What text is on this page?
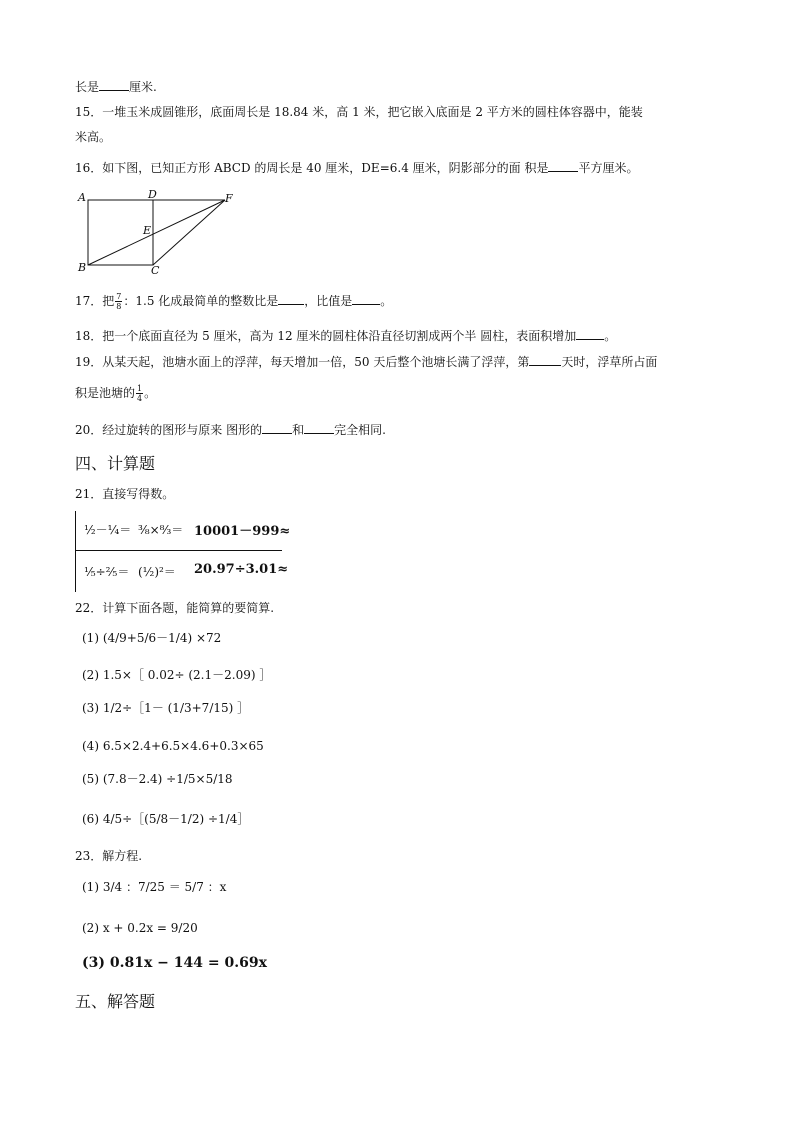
长是	厘米.
15．一堆玉米成圆锥形，底面周长是 18.84 米，高 1 米，把它嵌入底面是 2 平方米的圆柱体容器中，能装
米高。
16．如下图，已知正方形 ABCD 的周长是 40 厘米，DE=6.4 厘米，阴影部分的面 积是	平方厘米。
A	D	F
E
B	C
17．把 $\frac{7}{8}$ ：1.5 化成最简单的整数比是 ，比值是 。
18．把一个底面直径为 5 厘米，高为 12 厘米的圆柱体沿直径切割成两个半 圆柱，表面积增加 。
19．从某天起，池塘水面上的浮萍，每天增加一倍，50 天后整个池塘长满了浮萍，第	天时，浮草所占面
积是池塘的 $\frac{1}{4}$ 。
20．经过旋转的图形与原来 图形的	和	完全相同.
四、计算题
21．直接写得数。
½－¼＝ ⅜×⁸⁄₃＝ 10001－999≈
⅕÷⅖＝ (½)²＝ 20.97÷3.01≈
22．计算下面各题，能简算的要简算.
(1) (4/9+5/6－1/4) ×72
(2) 1.5×［ 0.02÷ (2.1－2.09) ］
(3) 1/2÷［1－ (1/3+7/15) ］
(4) 6.5×2.4+6.5×4.6+0.3×65
(5) (7.8－2.4) ÷1/5×5/18
(6) 4/5÷［(5/8－1/2) ÷1/4］
23．解方程.
(1) 3/4 ：7/25 ＝ 5/7 ：x
(2) x + 0.2x = 9/20
(3) 0.81x − 144 = 0.69x
五、解答题
